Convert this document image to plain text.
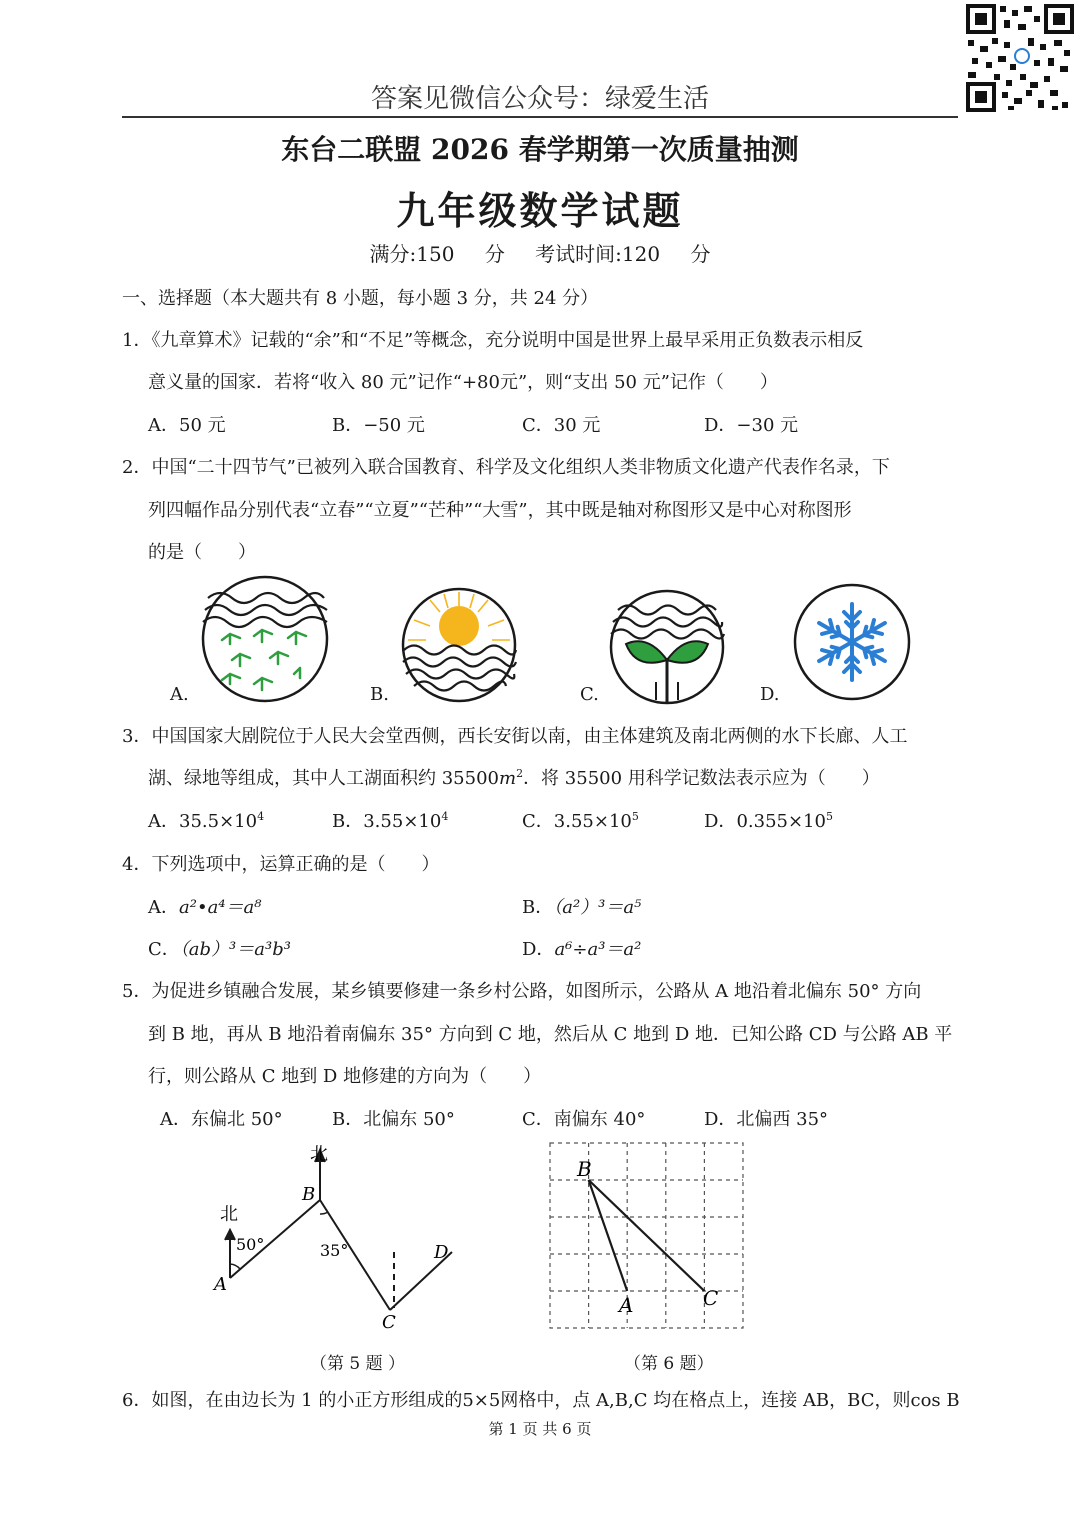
答案见微信公众号：绿爱生活
东台二联盟 2026 春学期第一次质量抽测
九年级数学试题
满分:150 分 考试时间:120 分
一、选择题（本大题共有 8 小题，每小题 3 分，共 24 分）
1．《九章算术》记载的“余”和“不足”等概念，充分说明中国是世界上最早采用正负数表示相反
意义量的国家．若将“收入 80 元”记作“+80元”，则“支出 50 元”记作（　　）
A．50 元	B．−50 元	C．30 元	D．−30 元
2．中国“二十四节气”已被列入联合国教育、科学及文化组织人类非物质文化遗产代表作名录，下
列四幅作品分别代表“立春”“立夏”“芒种”“大雪”，其中既是轴对称图形又是中心对称图形
的是（　　）
A.	B.	C.	D.
3．中国国家大剧院位于人民大会堂西侧，西长安街以南，由主体建筑及南北两侧的水下长廊、人工
湖、绿地等组成，其中人工湖面积约 $35500m^2$．将 35500 用科学记数法表示应为（　　）
A．$35.5\times 10^4$	B．$3.55\times 10^4$	C．$3.55\times 10^5$	D．$0.355\times 10^5$
4．下列选项中，运算正确的是（　　）
A．a²•a⁴＝a⁸	B．（a²）³＝a⁵
C．（ab）³＝a³b³	D．a⁶÷a³＝a²
5．为促进乡镇融合发展，某乡镇要修建一条乡村公路，如图所示，公路从 A 地沿着北偏东 50° 方向
到 B 地，再从 B 地沿着南偏东 35° 方向到 C 地，然后从 C 地到 D 地．已知公路 CD 与公路 AB 平
行，则公路从 C 地到 D 地修建的方向为（　　）
A．东偏北 50°	B．北偏东 50°	C．南偏东 40°	D．北偏西 35°
北
北
50°	35°
A
B
C
D
（第 5 题 ）
B
A	C
（第 6 题）
6．如图，在由边长为 1 的小正方形组成的5×5网格中，点 A,B,C 均在格点上，连接 AB，BC，则cos B
第 1 页 共 6 页
